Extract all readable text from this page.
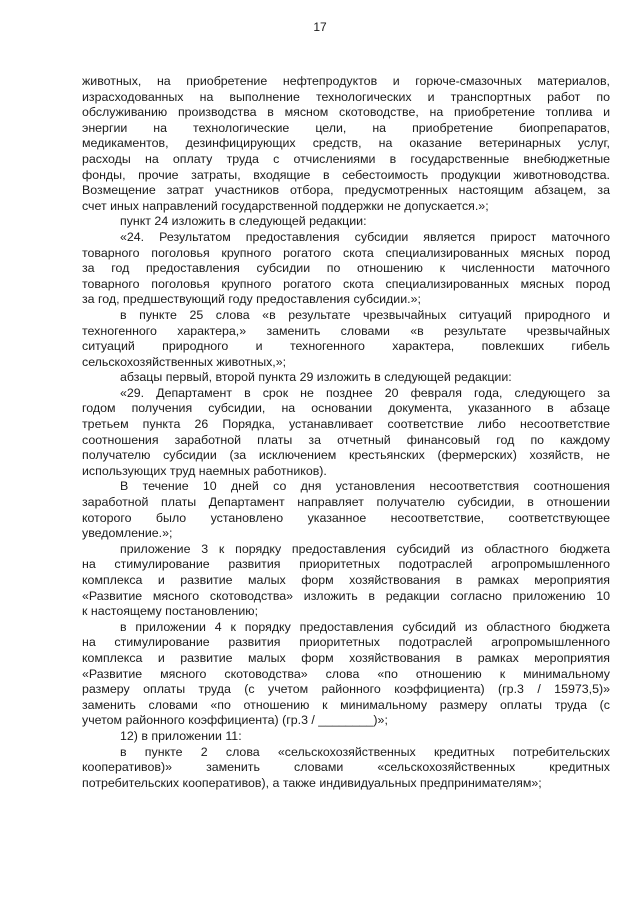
17
животных, на приобретение нефтепродуктов и горюче-смазочных материалов,
израсходованных на выполнение технологических и транспортных работ по
обслуживанию производства в мясном скотоводстве, на приобретение топлива и
энергии на технологические цели, на приобретение биопрепаратов,
медикаментов, дезинфицирующих средств, на оказание ветеринарных услуг,
расходы на оплату труда с отчислениями в государственные внебюджетные
фонды, прочие затраты, входящие в себестоимость продукции животноводства.
Возмещение затрат участников отбора, предусмотренных настоящим абзацем, за
счет иных направлений государственной поддержки не допускается.»;
пункт 24 изложить в следующей редакции:
«24. Результатом предоставления субсидии является прирост маточного
товарного поголовья крупного рогатого скота специализированных мясных пород
за год предоставления субсидии по отношению к численности маточного
товарного поголовья крупного рогатого скота специализированных мясных пород
за год, предшествующий году предоставления субсидии.»;
в пункте 25 слова «в результате чрезвычайных ситуаций природного и
техногенного характера,» заменить словами «в результате чрезвычайных
ситуаций природного и техногенного характера, повлекших гибель
сельскохозяйственных животных,»;
абзацы первый, второй пункта 29 изложить в следующей редакции:
«29. Департамент в срок не позднее 20 февраля года, следующего за
годом получения субсидии, на основании документа, указанного в абзаце
третьем пункта 26 Порядка, устанавливает соответствие либо несоответствие
соотношения заработной платы за отчетный финансовый год по каждому
получателю субсидии (за исключением крестьянских (фермерских) хозяйств, не
использующих труд наемных работников).
В течение 10 дней со дня установления несоответствия соотношения
заработной платы Департамент направляет получателю субсидии, в отношении
которого было установлено указанное несоответствие, соответствующее
уведомление.»;
приложение 3 к порядку предоставления субсидий из областного бюджета
на стимулирование развития приоритетных подотраслей агропромышленного
комплекса и развитие малых форм хозяйствования в рамках мероприятия
«Развитие мясного скотоводства» изложить в редакции согласно приложению 10
к настоящему постановлению;
в приложении 4 к порядку предоставления субсидий из областного бюджета
на стимулирование развития приоритетных подотраслей агропромышленного
комплекса и развитие малых форм хозяйствования в рамках мероприятия
«Развитие мясного скотоводства» слова «по отношению к минимальному
размеру оплаты труда (с учетом районного коэффициента) (гр.3 / 15973,5)»
заменить словами «по отношению к минимальному размеру оплаты труда (с
учетом районного коэффициента) (гр.3 / ________)»;
12) в приложении 11:
в пункте 2 слова «сельскохозяйственных кредитных потребительских
кооперативов)» заменить словами «сельскохозяйственных кредитных
потребительских кооперативов), а также индивидуальных предпринимателям»;
